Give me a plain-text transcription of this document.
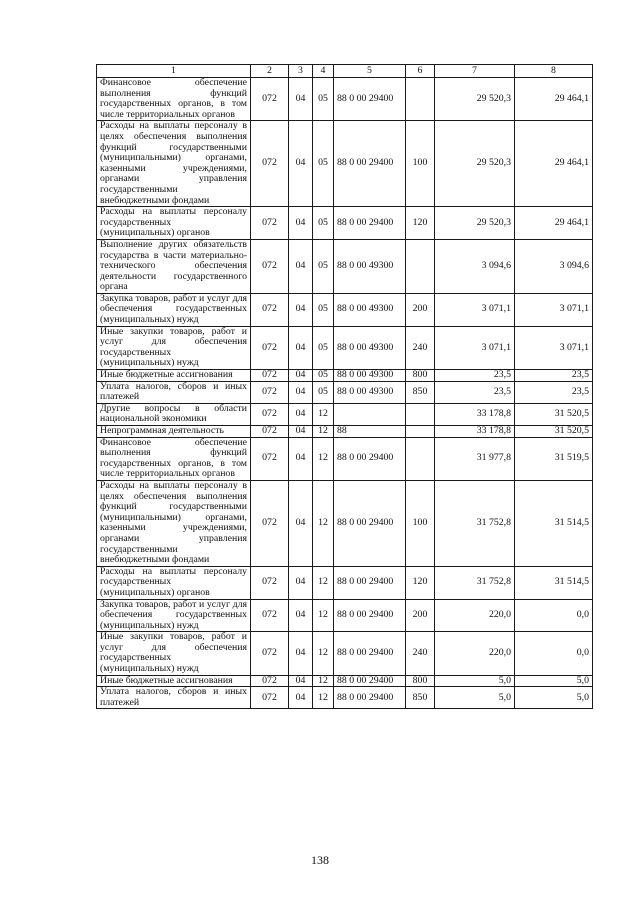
1	2	3	4	5	6	7	8
Финансовое обеспечение выполнения функций государственных органов, в том числе территориальных органов	072	04	05	88 0 00 29400		29 520,3	29 464,1
Расходы на выплаты персоналу в целях обеспечения выполнения функций государственными (муниципальными) органами, казенными учреждениями, органами управления государственными внебюджетными фондами	072	04	05	88 0 00 29400	100	29 520,3	29 464,1
Расходы на выплаты персоналу государственных (муниципальных) органов	072	04	05	88 0 00 29400	120	29 520,3	29 464,1
Выполнение других обязательств государства в части материально-технического обеспечения деятельности государственного органа	072	04	05	88 0 00 49300		3 094,6	3 094,6
Закупка товаров, работ и услуг для обеспечения государственных (муниципальных) нужд	072	04	05	88 0 00 49300	200	3 071,1	3 071,1
Иные закупки товаров, работ и услуг для обеспечения государственных (муниципальных) нужд	072	04	05	88 0 00 49300	240	3 071,1	3 071,1
Иные бюджетные ассигнования	072	04	05	88 0 00 49300	800	23,5	23,5
Уплата налогов, сборов и иных платежей	072	04	05	88 0 00 49300	850	23,5	23,5
Другие вопросы в области национальной экономики	072	04	12			33 178,8	31 520,5
Непрограммная деятельность	072	04	12	88		33 178,8	31 520,5
Финансовое обеспечение выполнения функций государственных органов, в том числе территориальных органов	072	04	12	88 0 00 29400		31 977,8	31 519,5
Расходы на выплаты персоналу в целях обеспечения выполнения функций государственными (муниципальными) органами, казенными учреждениями, органами управления государственными внебюджетными фондами	072	04	12	88 0 00 29400	100	31 752,8	31 514,5
Расходы на выплаты персоналу государственных (муниципальных) органов	072	04	12	88 0 00 29400	120	31 752,8	31 514,5
Закупка товаров, работ и услуг для обеспечения государственных (муниципальных) нужд	072	04	12	88 0 00 29400	200	220,0	0,0
Иные закупки товаров, работ и услуг для обеспечения государственных (муниципальных) нужд	072	04	12	88 0 00 29400	240	220,0	0,0
Иные бюджетные ассигнования	072	04	12	88 0 00 29400	800	5,0	5,0
Уплата налогов, сборов и иных платежей	072	04	12	88 0 00 29400	850	5,0	5,0
138
